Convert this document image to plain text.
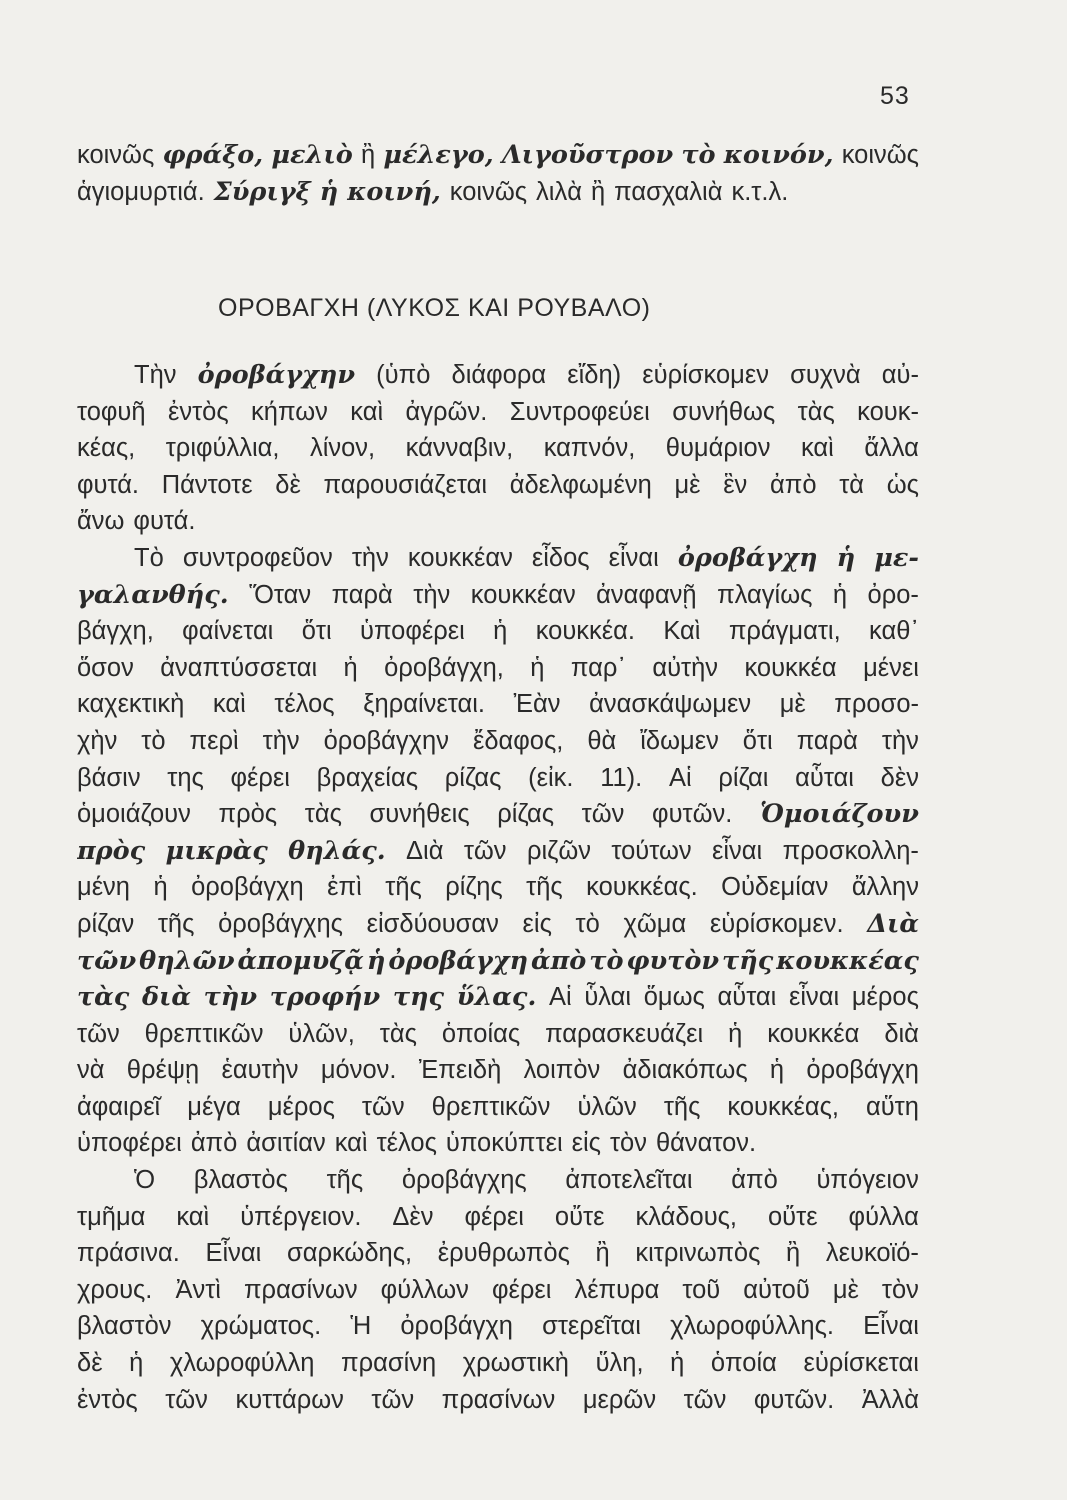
53
κοινῶς φράξο, μελιὸ ἢ μέλεγο, Λιγοῦστρον τὸ κοινόν, κοινῶς
ἁγιομυρτιά. Σύριγξ ἡ κοινή, κοινῶς λιλὰ ἢ πασχαλιὰ κ.τ.λ.
ΟΡΟΒΑΓΧΗ (ΛΥΚΟΣ ΚΑΙ ΡΟΥΒΑΛΟ)
Τὴν ὀροβάγχην (ὑπὸ διάφορα εἴδη) εὑρίσκομεν συχνὰ αὐ-
τοφυῆ ἐντὸς κήπων καὶ ἀγρῶν. Συντροφεύει συνήθως τὰς κουκ-
κέας, τριφύλλια, λίνον, κάνναβιν, καπνόν, θυμάριον καὶ ἄλλα
φυτά. Πάντοτε δὲ παρουσιάζεται ἀδελφωμένη μὲ ἓν ἀπὸ τὰ ὡς
ἄνω φυτά.
Τὸ συντροφεῦον τὴν κουκκέαν εἶδος εἶναι ὀροβάγχη ἡ με-
γαλανθής. Ὅταν παρὰ τὴν κουκκέαν ἀναφανῇ πλαγίως ἡ ὀρο-
βάγχη, φαίνεται ὅτι ὑποφέρει ἡ κουκκέα. Καὶ πράγματι, καθ᾽
ὅσον ἀναπτύσσεται ἡ ὀροβάγχη, ἡ παρ᾽ αὐτὴν κουκκέα μένει
καχεκτικὴ καὶ τέλος ξηραίνεται. Ἐὰν ἀνασκάψωμεν μὲ προσο-
χὴν τὸ περὶ τὴν ὀροβάγχην ἔδαφος, θὰ ἴδωμεν ὅτι παρὰ τὴν
βάσιν της φέρει βραχείας ρίζας (εἰκ. 11). Αἱ ρίζαι αὗται δὲν
ὁμοιάζουν πρὸς τὰς συνήθεις ρίζας τῶν φυτῶν. Ὁμοιάζουν
πρὸς μικρὰς θηλάς. Διὰ τῶν ριζῶν τούτων εἶναι προσκολλη-
μένη ἡ ὀροβάγχη ἐπὶ τῆς ρίζης τῆς κουκκέας. Οὐδεμίαν ἄλλην
ρίζαν τῆς ὀροβάγχης εἰσδύουσαν εἰς τὸ χῶμα εὑρίσκομεν. Διὰ
τῶν θηλῶν ἀπομυζᾷ ἡ ὀροβάγχη ἀπὸ τὸ φυτὸν τῆς κουκκέας
τὰς διὰ τὴν τροφήν της ὕλας. Αἱ ὗλαι ὅμως αὗται εἶναι μέρος
τῶν θρεπτικῶν ὑλῶν, τὰς ὁποίας παρασκευάζει ἡ κουκκέα διὰ
νὰ θρέψῃ ἑαυτὴν μόνον. Ἐπειδὴ λοιπὸν ἀδιακόπως ἡ ὀροβάγχη
ἀφαιρεῖ μέγα μέρος τῶν θρεπτικῶν ὑλῶν τῆς κουκκέας, αὕτη
ὑποφέρει ἀπὸ ἀσιτίαν καὶ τέλος ὑποκύπτει εἰς τὸν θάνατον.
Ὁ βλαστὸς τῆς ὀροβάγχης ἀποτελεῖται ἀπὸ ὑπόγειον
τμῆμα καὶ ὑπέργειον. Δὲν φέρει οὔτε κλάδους, οὔτε φύλλα
πράσινα. Εἶναι σαρκώδης, ἐρυθρωπὸς ἢ κιτρινωπὸς ἢ λευκοϊό-
χρους. Ἀντὶ πρασίνων φύλλων φέρει λέπυρα τοῦ αὐτοῦ μὲ τὸν
βλαστὸν χρώματος. Ἡ ὀροβάγχη στερεῖται χλωροφύλλης. Εἶναι
δὲ ἡ χλωροφύλλη πρασίνη χρωστικὴ ὕλη, ἡ ὁποία εὑρίσκεται
ἐντὸς τῶν κυττάρων τῶν πρασίνων μερῶν τῶν φυτῶν. Ἀλλὰ
